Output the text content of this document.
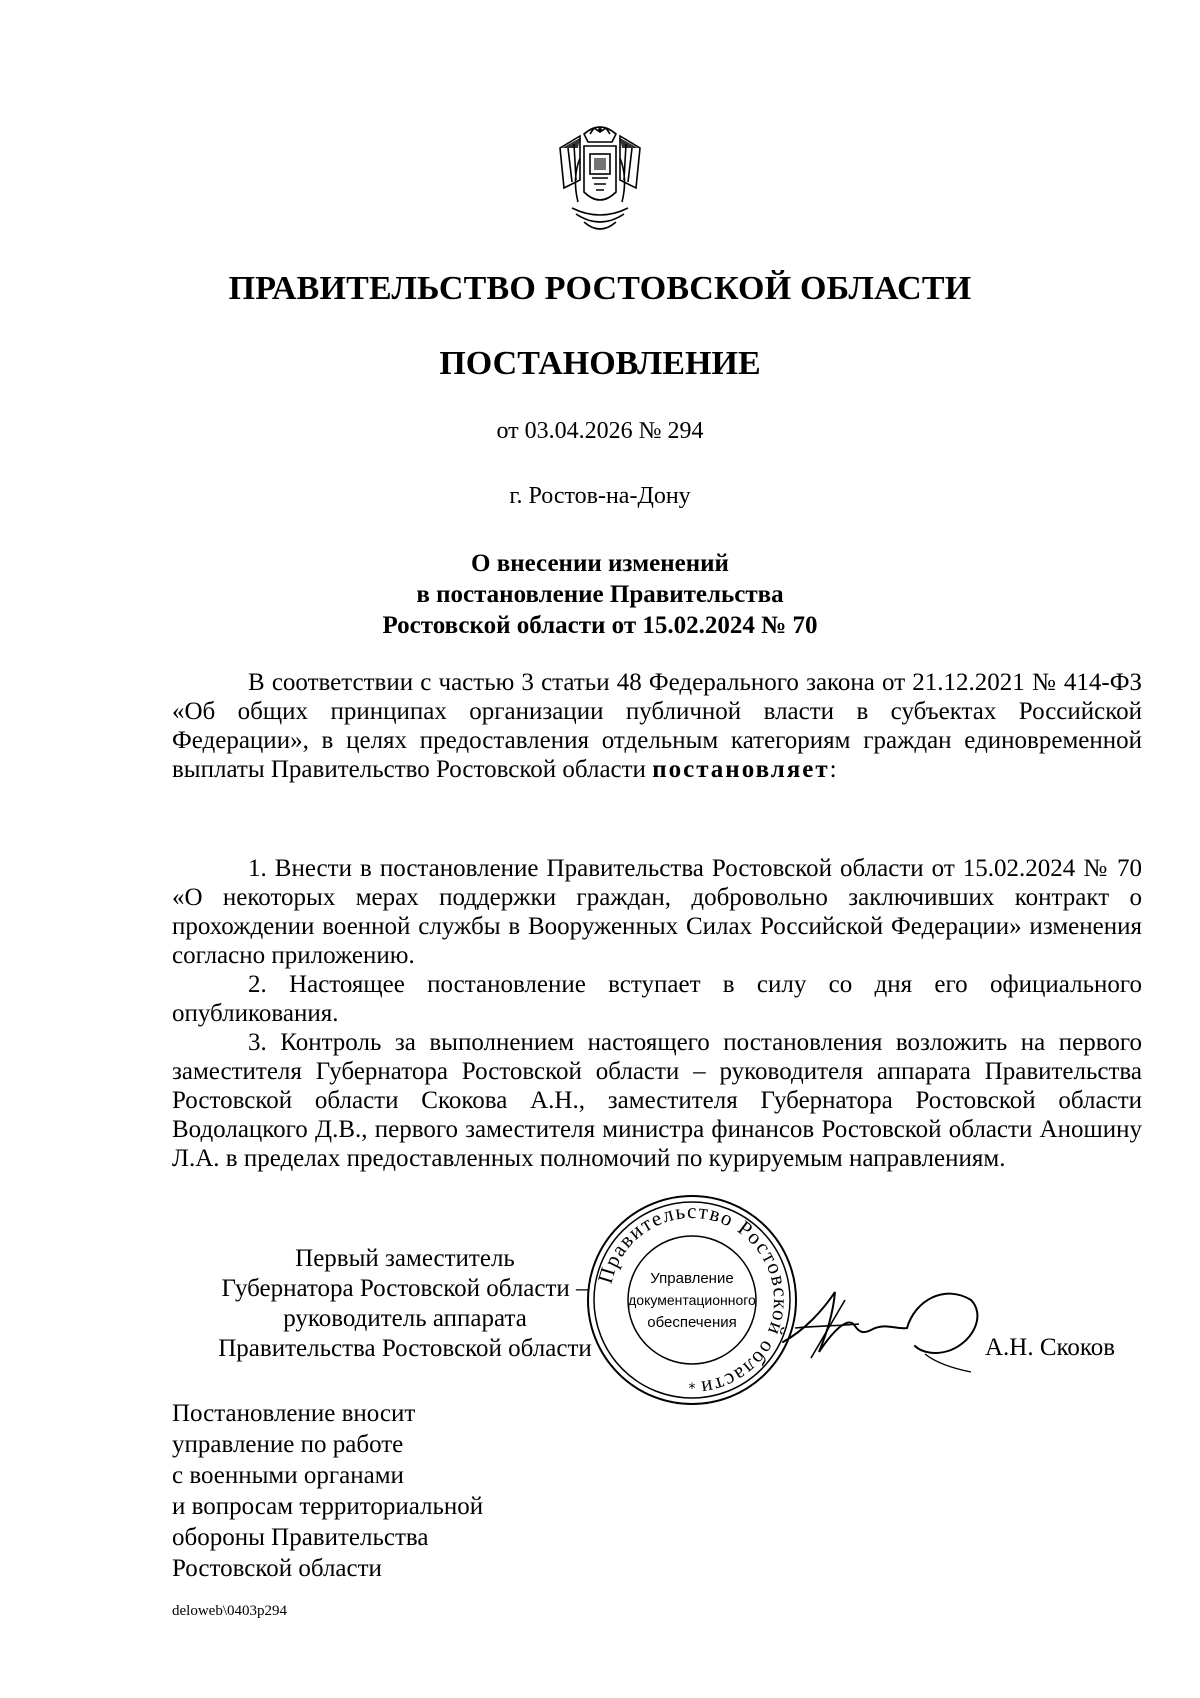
ПРАВИТЕЛЬСТВО РОСТОВСКОЙ ОБЛАСТИ
ПОСТАНОВЛЕНИЕ
от 03.04.2026 № 294
г. Ростов-на-Дону
О внесении изменений
в постановление Правительства
Ростовской области от 15.02.2024 № 70
В соответствии с частью 3 статьи 48 Федерального закона от 21.12.2021 № 414-ФЗ «Об общих принципах организации публичной власти в субъектах Российской Федерации», в целях предоставления отдельным категориям граждан единовременной выплаты Правительство Ростовской области постановляет:
1. Внести в постановление Правительства Ростовской области от 15.02.2024 № 70 «О некоторых мерах поддержки граждан, добровольно заключивших контракт о прохождении военной службы в Вооруженных Силах Российской Федерации» изменения согласно приложению.
2. Настоящее постановление вступает в силу со дня его официального опубликования.
3. Контроль за выполнением настоящего постановления возложить на первого заместителя Губернатора Ростовской области – руководителя аппарата Правительства Ростовской области Скокова А.Н., заместителя Губернатора Ростовской области Водолацкого Д.В., первого заместителя министра финансов Ростовской области Аношину Л.А. в пределах предоставленных полномочий по курируемым направлениям.
Правительство Ростовской области
Управление
документационного
обеспечения
*
Первый заместитель
Губернатора Ростовской области –
руководитель аппарата
Правительства Ростовской области	А.Н. Скоков
Постановление вносит
управление по работе
с военными органами
и вопросам территориальной
обороны Правительства
Ростовской области
deloweb\0403p294
